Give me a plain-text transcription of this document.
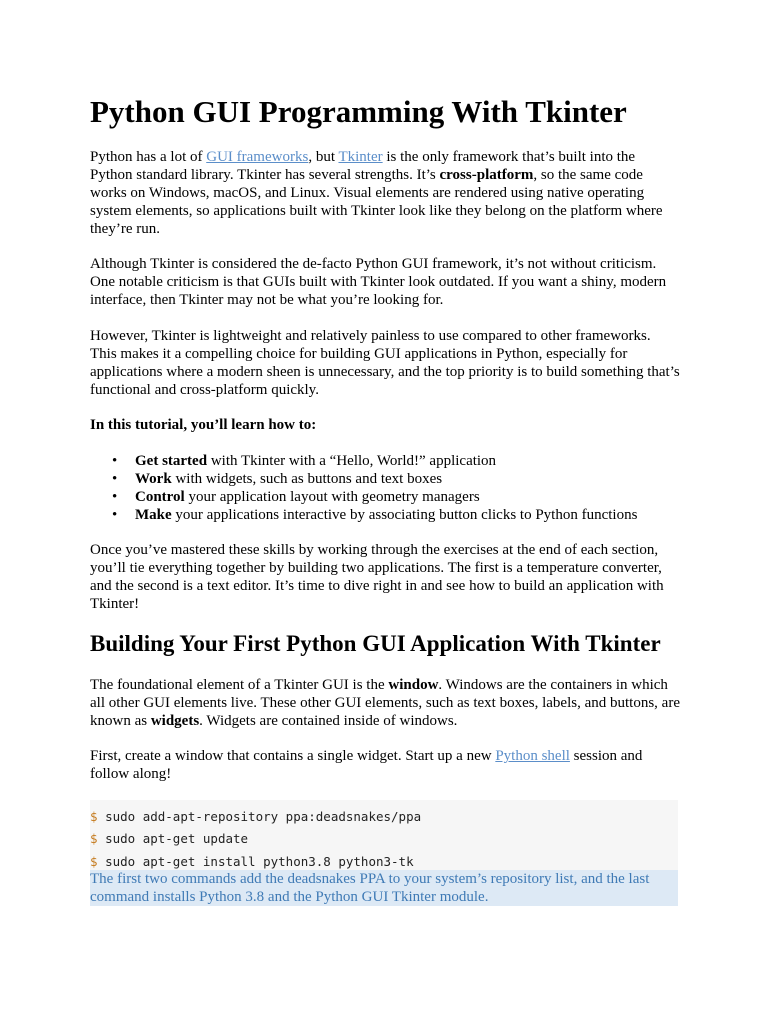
Python GUI Programming With Tkinter

Python has a lot of GUI frameworks, but Tkinter is the only framework that’s built into the Python standard library. Tkinter has several strengths. It’s cross-platform, so the same code works on Windows, macOS, and Linux. Visual elements are rendered using native operating system elements, so applications built with Tkinter look like they belong on the platform where they’re run.

Although Tkinter is considered the de-facto Python GUI framework, it’s not without criticism. One notable criticism is that GUIs built with Tkinter look outdated. If you want a shiny, modern interface, then Tkinter may not be what you’re looking for.

However, Tkinter is lightweight and relatively painless to use compared to other frameworks. This makes it a compelling choice for building GUI applications in Python, especially for applications where a modern sheen is unnecessary, and the top priority is to build something that’s functional and cross-platform quickly.

In this tutorial, you’ll learn how to:

• Get started with Tkinter with a “Hello, World!” application
• Work with widgets, such as buttons and text boxes
• Control your application layout with geometry managers
• Make your applications interactive by associating button clicks to Python functions

Once you’ve mastered these skills by working through the exercises at the end of each section, you’ll tie everything together by building two applications. The first is a temperature converter, and the second is a text editor. It’s time to dive right in and see how to build an application with Tkinter!

Building Your First Python GUI Application With Tkinter

The foundational element of a Tkinter GUI is the window. Windows are the containers in which all other GUI elements live. These other GUI elements, such as text boxes, labels, and buttons, are known as widgets. Widgets are contained inside of windows.

First, create a window that contains a single widget. Start up a new Python shell session and follow along!

$ sudo add-apt-repository ppa:deadsnakes/ppa
$ sudo apt-get update
$ sudo apt-get install python3.8 python3-tk
The first two commands add the deadsnakes PPA to your system’s repository list, and the last command installs Python 3.8 and the Python GUI Tkinter module.
